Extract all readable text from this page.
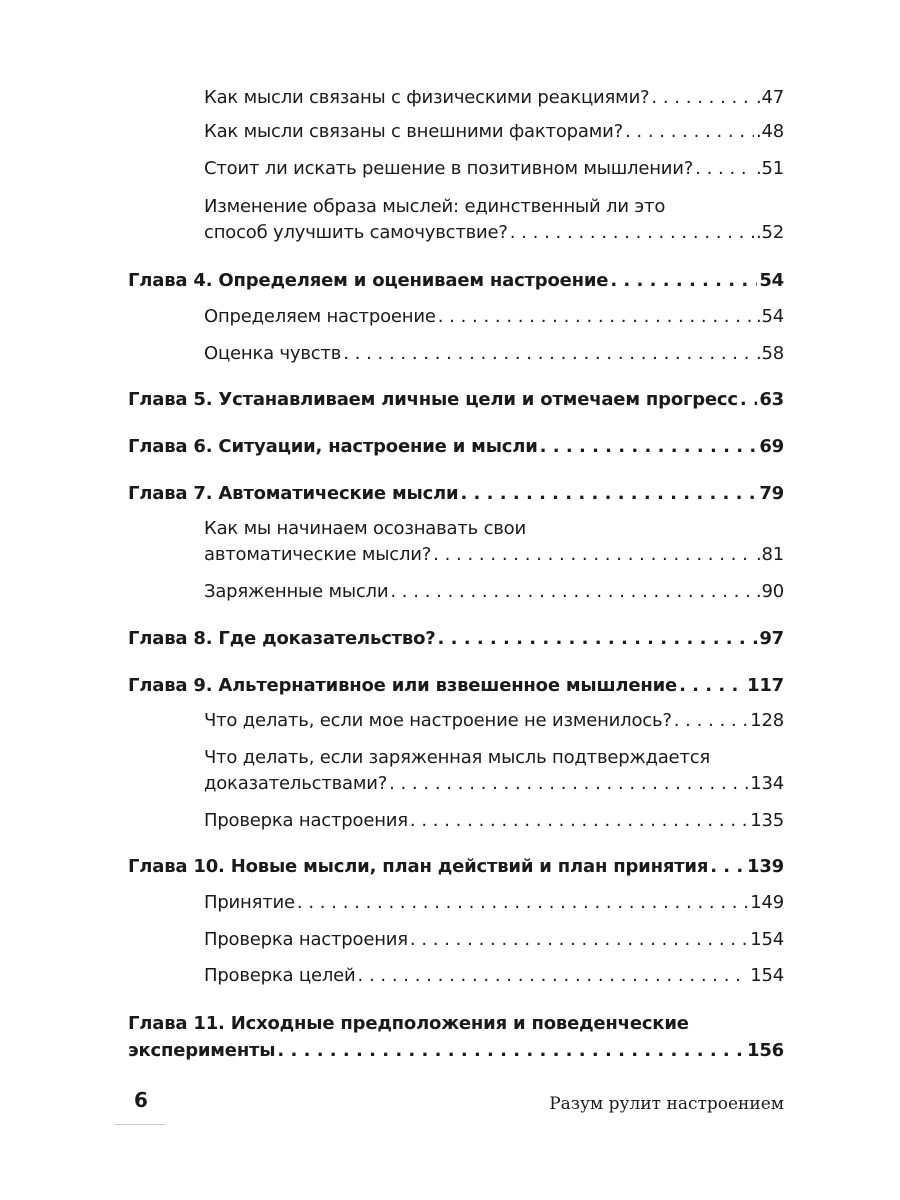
Как мысли связаны с физическими реакциями? . . .	.47
Как мысли связаны с внешними факторами? . . .	.48
Стоит ли искать решение в позитивном мышлении? . . .	.51
Изменение образа мыслей: единственный ли это
способ улучшить самочувствие? . . .	.52
Глава 4. Определяем и оцениваем настроение . . .	54
Определяем настроение . . .	.54
Оценка чувств . . .	.58
Глава 5. Устанавливаем личные цели и отмечаем прогресс . . . 63
Глава 6. Ситуации, настроение и мысли . . .	69
Глава 7. Автоматические мысли . . .	79
Как мы начинаем осознавать свои
автоматические мысли? . . .	.81
Заряженные мысли . . .	.90
Глава 8. Где доказательство? . . .	97
Глава 9. Альтернативное или взвешенное мышление . . .	117
Что делать, если мое настроение не изменилось? . . .	128
Что делать, если заряженная мысль подтверждается
доказательствами? . . .	134
Проверка настроения . . .	135
Глава 10. Новые мысли, план действий и план принятия . . . 139
Принятие . . .	149
Проверка настроения . . .	154
Проверка целей . . .	154
Глава 11. Исходные предположения и поведенческие
эксперименты . . .	156
6	Разум рулит настроением
